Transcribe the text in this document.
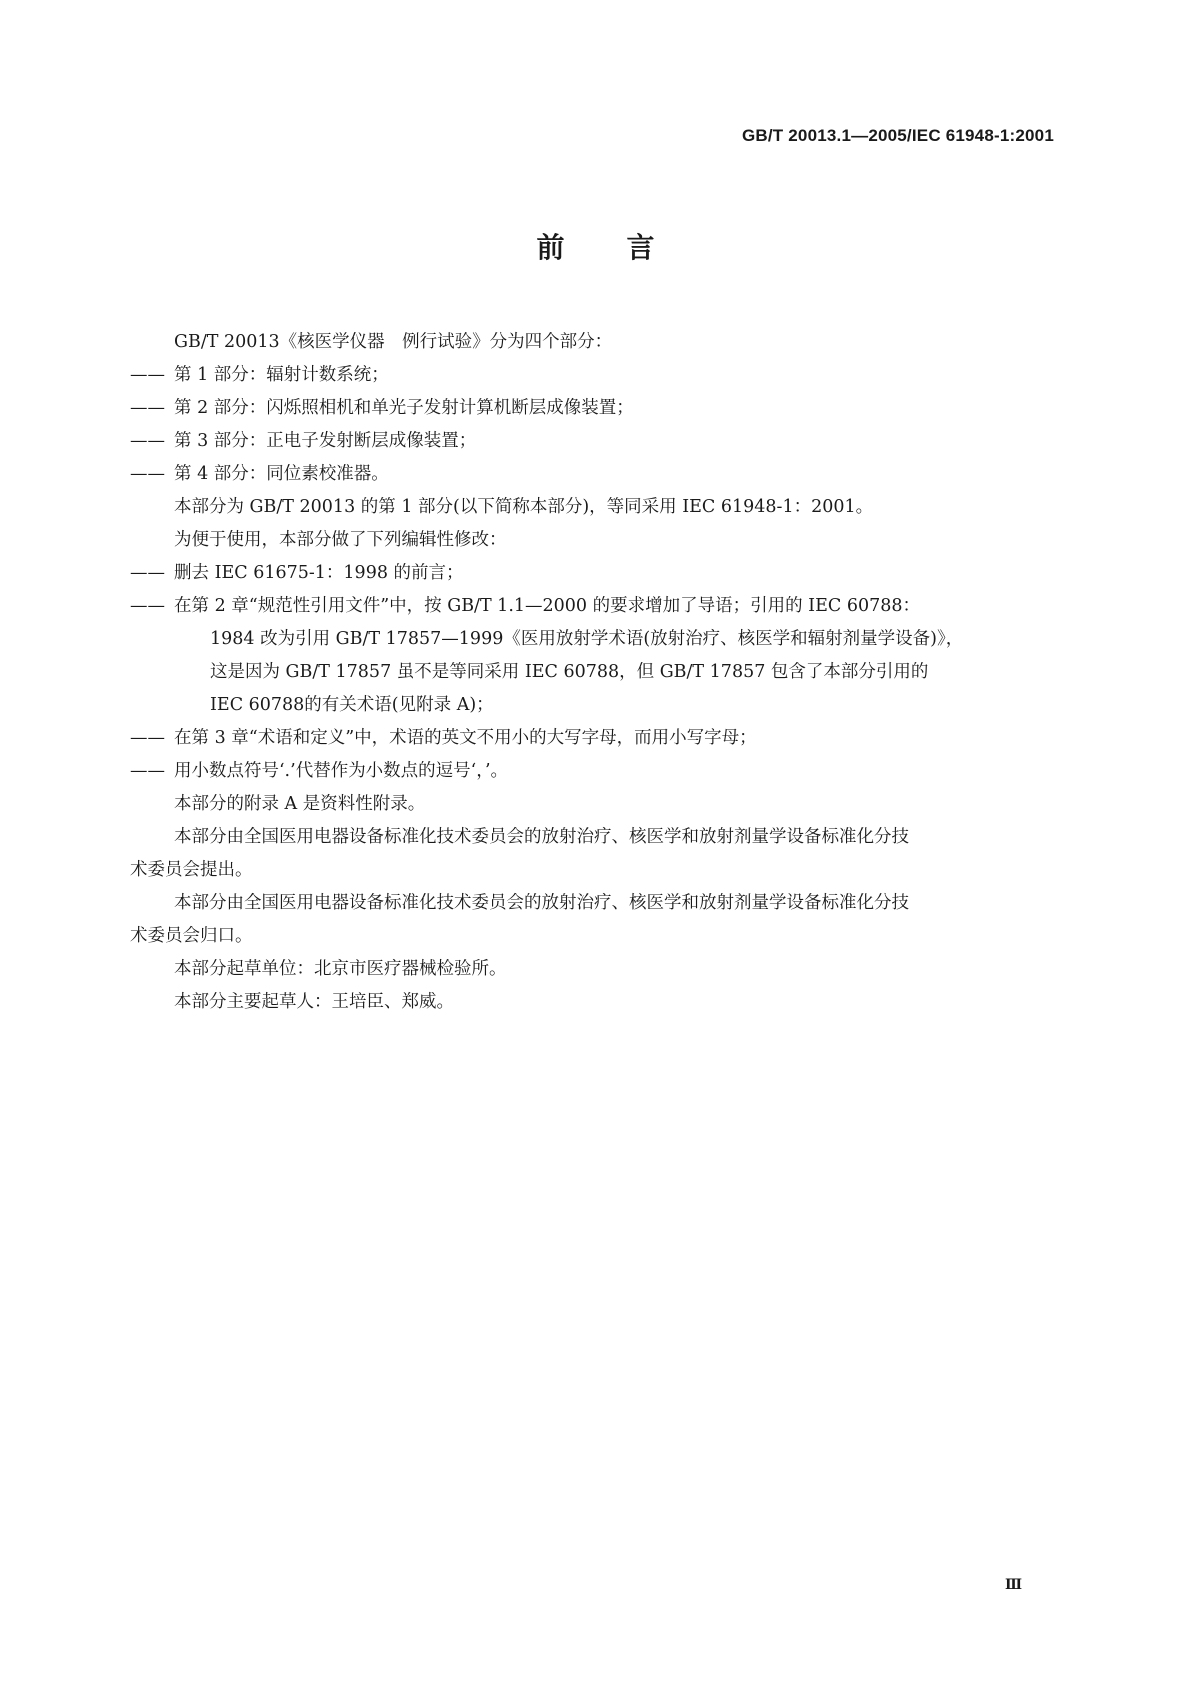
GB/T 20013.1—2005/IEC 61948-1:2001
前 言

GB/T 20013《核医学仪器　例行试验》分为四个部分：

—— 第 1 部分：辐射计数系统；
—— 第 2 部分：闪烁照相机和单光子发射计算机断层成像装置；
—— 第 3 部分：正电子发射断层成像装置；
—— 第 4 部分：同位素校准器。

本部分为 GB/T 20013 的第 1 部分(以下简称本部分)，等同采用 IEC 61948-1：2001。

为便于使用，本部分做了下列编辑性修改：

—— 删去 IEC 61675-1：1998 的前言；
—— 在第 2 章“规范性引用文件”中，按 GB/T 1.1—2000 的要求增加了导语；引用的 IEC 60788：
1984 改为引用 GB/T 17857—1999《医用放射学术语(放射治疗、核医学和辐射剂量学设备)》，
这是因为 GB/T 17857 虽不是等同采用 IEC 60788，但 GB/T 17857 包含了本部分引用的
IEC 60788的有关术语(见附录 A)；
—— 在第 3 章“术语和定义”中，术语的英文不用小的大写字母，而用小写字母；
—— 用小数点符号‘.’代替作为小数点的逗号‘，’。

本部分的附录 A 是资料性附录。

本部分由全国医用电器设备标准化技术委员会的放射治疗、核医学和放射剂量学设备标准化分技

术委员会提出。

本部分由全国医用电器设备标准化技术委员会的放射治疗、核医学和放射剂量学设备标准化分技

术委员会归口。

本部分起草单位：北京市医疗器械检验所。

本部分主要起草人：王培臣、郑威。

Ⅲ
